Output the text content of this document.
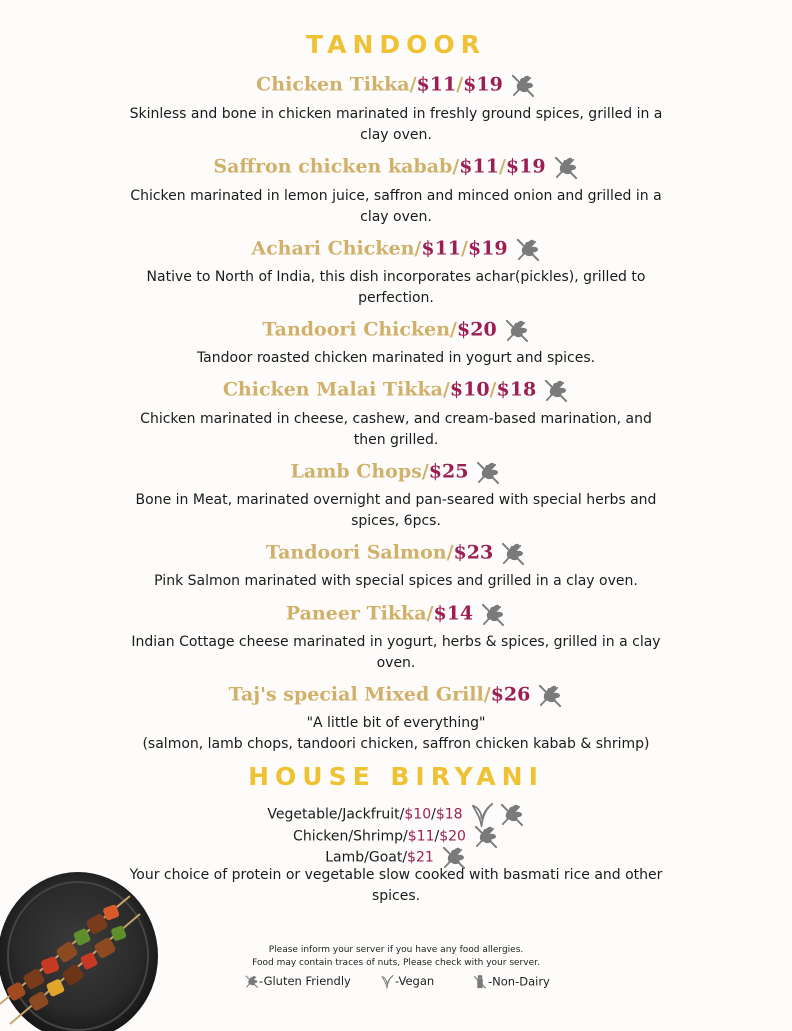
TANDOOR
Chicken Tikka/$11/$19
Skinless and bone in chicken marinated in freshly ground spices, grilled in a clay oven.
Saffron chicken kabab/$11/$19
Chicken marinated in lemon juice, saffron and minced onion and grilled in a clay oven.
Achari Chicken/$11/$19
Native to North of India, this dish incorporates achar(pickles), grilled to perfection.
Tandoori Chicken/$20
Tandoor roasted chicken marinated in yogurt and spices.
Chicken Malai Tikka/$10/$18
Chicken marinated in cheese, cashew, and cream-based marination, and then grilled.
Lamb Chops/$25
Bone in Meat, marinated overnight and pan-seared with special herbs and spices, 6pcs.
Tandoori Salmon/$23
Pink Salmon marinated with special spices and grilled in a clay oven.
Paneer Tikka/$14
Indian Cottage cheese marinated in yogurt, herbs & spices, grilled in a clay oven.
Taj's special Mixed Grill/$26
"A little bit of everything"
(salmon, lamb chops, tandoori chicken, saffron chicken kabab & shrimp)
HOUSE BIRYANI
Vegetable/Jackfruit/$10/$18
Chicken/Shrimp/$11/$20
Lamb/Goat/$21
Your choice of protein or vegetable slow cooked with basmati rice and other spices.
Please inform your server if you have any food allergies.
Food may contain traces of nuts, Please check with your server.
-Gluten Friendly	-Vegan	-Non-Dairy
